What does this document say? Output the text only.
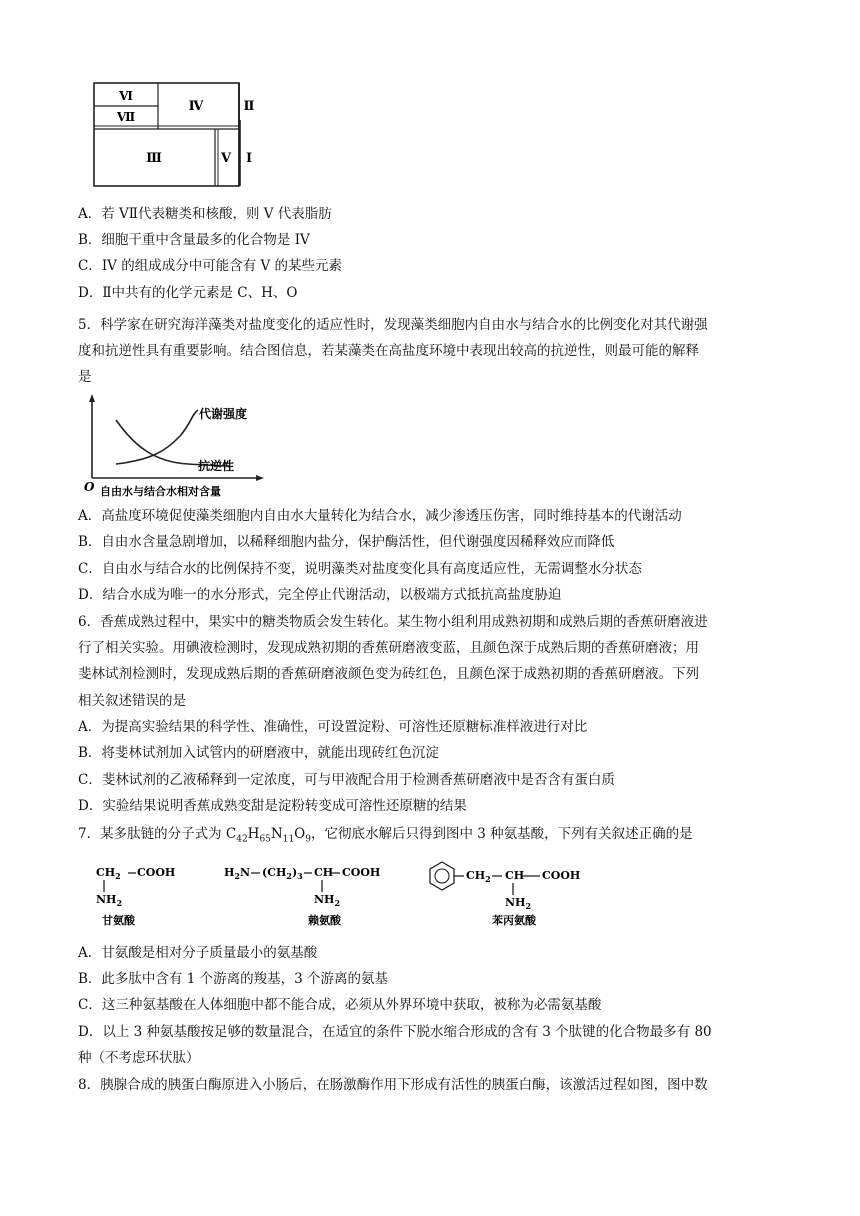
Ⅵ
Ⅶ
Ⅳ
Ⅲ	Ⅴ
Ⅱ
Ⅰ
A．若 VⅡ代表糖类和核酸，则 V 代表脂肪
B．细胞干重中含量最多的化合物是 IV
C．IV 的组成成分中可能含有 V 的某些元素
D．Ⅱ中共有的化学元素是 C、H、O
5．科学家在研究海洋藻类对盐度变化的适应性时，发现藻类细胞内自由水与结合水的比例变化对其代谢强
度和抗逆性具有重要影响。结合图信息，若某藻类在高盐度环境中表现出较高的抗逆性，则最可能的解释
是
代谢强度
抗逆性
O 自由水与结合水相对含量
A．高盐度环境促使藻类细胞内自由水大量转化为结合水，减少渗透压伤害，同时维持基本的代谢活动
B．自由水含量急剧增加，以稀释细胞内盐分，保护酶活性，但代谢强度因稀释效应而降低
C．自由水与结合水的比例保持不变，说明藻类对盐度变化具有高度适应性，无需调整水分状态
D．结合水成为唯一的水分形式，完全停止代谢活动，以极端方式抵抗高盐度胁迫
6．香蕉成熟过程中，果实中的糖类物质会发生转化。某生物小组利用成熟初期和成熟后期的香蕉研磨液进
行了相关实验。用碘液检测时，发现成熟初期的香蕉研磨液变蓝，且颜色深于成熟后期的香蕉研磨液；用
斐林试剂检测时，发现成熟后期的香蕉研磨液颜色变为砖红色，且颜色深于成熟初期的香蕉研磨液。下列
相关叙述错误的是
A．为提高实验结果的科学性、准确性，可设置淀粉、可溶性还原糖标准样液进行对比
B．将斐林试剂加入试管内的研磨液中，就能出现砖红色沉淀
C．斐林试剂的乙液稀释到一定浓度，可与甲液配合用于检测香蕉研磨液中是否含有蛋白质
D．实验结果说明香蕉成熟变甜是淀粉转变成可溶性还原糖的结果
7．某多肽链的分子式为 $C_{42}H_{65}N_{11}O_9$，它彻底水解后只得到图中 3 种氨基酸，下列有关叙述正确的是
$CH_2$ COOH
$NH_2$
甘氨酸
$H_2N$ $(CH_2)_3$ CH COOH
$NH_2$
赖氨酸
$CH_2$ CH COOH
$NH_2$
苯丙氨酸
A．甘氨酸是相对分子质量最小的氨基酸
B．此多肽中含有 1 个游离的羧基，3 个游离的氨基
C．这三种氨基酸在人体细胞中都不能合成，必须从外界环境中获取，被称为必需氨基酸
D．以上 3 种氨基酸按足够的数量混合，在适宜的条件下脱水缩合形成的含有 3 个肽键的化合物最多有 80
种（不考虑环状肽）
8．胰腺合成的胰蛋白酶原进入小肠后，在肠激酶作用下形成有活性的胰蛋白酶，该激活过程如图，图中数
